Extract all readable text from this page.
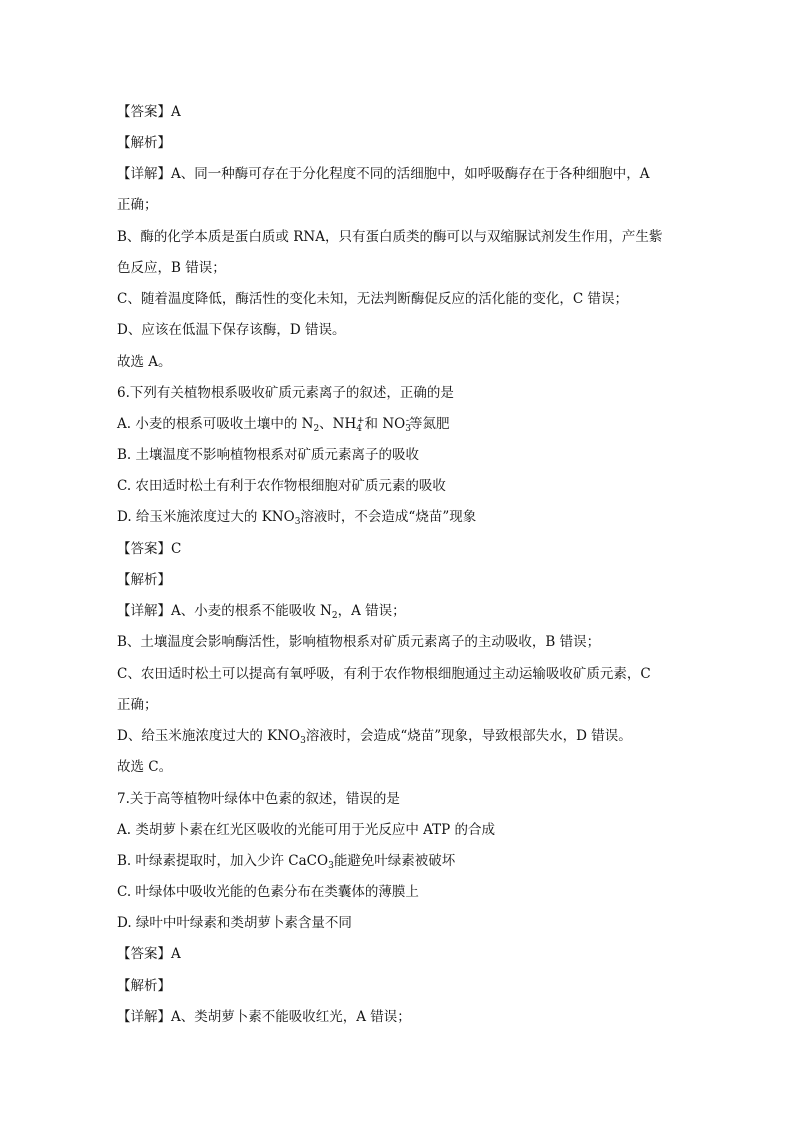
【答案】A
【解析】
【详解】A、同一种酶可存在于分化程度不同的活细胞中，如呼吸酶存在于各种细胞中，A
正确；
B、酶的化学本质是蛋白质或 RNA，只有蛋白质类的酶可以与双缩脲试剂发生作用，产生紫
色反应，B 错误；
C、随着温度降低，酶活性的变化未知，无法判断酶促反应的活化能的变化，C 错误；
D、应该在低温下保存该酶，D 错误。
故选 A。
6.下列有关植物根系吸收矿质元素离子的叙述，正确的是
A. 小麦的根系可吸收土壤中的 $N_2$、$NH_4^+$和 $NO_3^-$等氮肥
B. 土壤温度不影响植物根系对矿质元素离子的吸收
C. 农田适时松土有利于农作物根细胞对矿质元素的吸收
D. 给玉米施浓度过大的 $KNO_3$溶液时，不会造成“烧苗”现象
【答案】C
【解析】
【详解】A、小麦的根系不能吸收 $N_2$，A 错误；
B、土壤温度会影响酶活性，影响植物根系对矿质元素离子的主动吸收，B 错误；
C、农田适时松土可以提高有氧呼吸，有利于农作物根细胞通过主动运输吸收矿质元素，C
正确；
D、给玉米施浓度过大的 $KNO_3$溶液时，会造成“烧苗”现象，导致根部失水，D 错误。
故选 C。
7.关于高等植物叶绿体中色素的叙述，错误的是
A. 类胡萝卜素在红光区吸收的光能可用于光反应中 ATP 的合成
B. 叶绿素提取时，加入少许 CaCO$_3$能避免叶绿素被破坏
C. 叶绿体中吸收光能的色素分布在类囊体的薄膜上
D. 绿叶中叶绿素和类胡萝卜素含量不同
【答案】A
【解析】
【详解】A、类胡萝卜素不能吸收红光，A 错误；
